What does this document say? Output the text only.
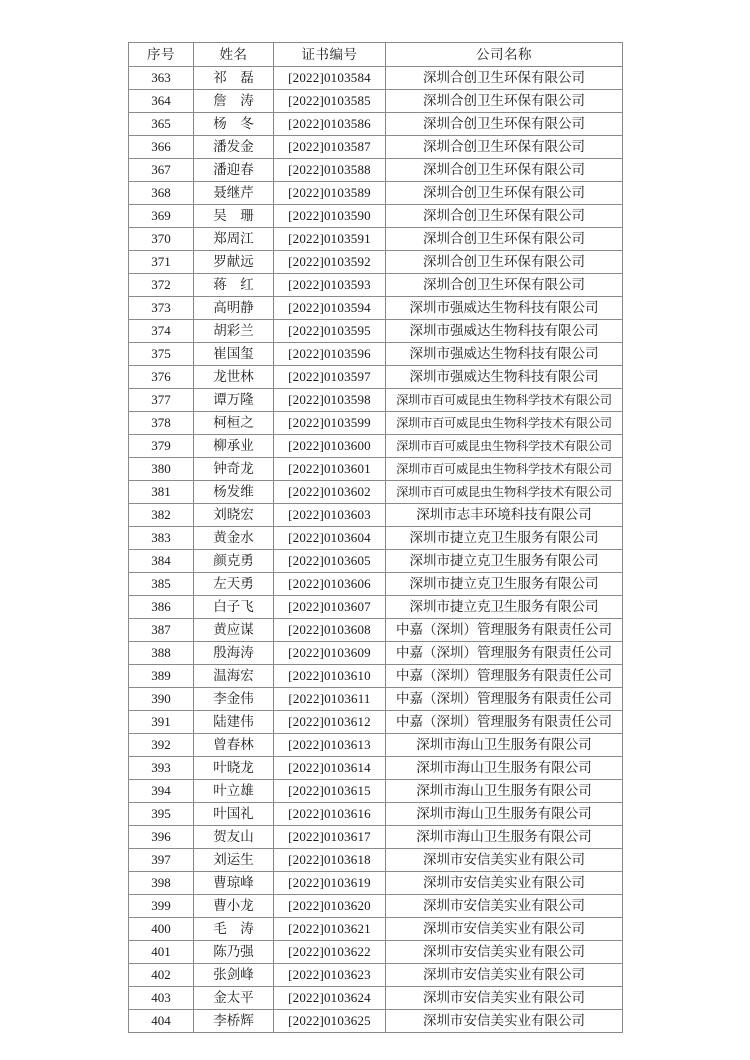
序号	姓名	证书编号	公司名称
363	祁　磊	[2022]0103584	深圳合创卫生环保有限公司
364	詹　涛	[2022]0103585	深圳合创卫生环保有限公司
365	杨　冬	[2022]0103586	深圳合创卫生环保有限公司
366	潘发金	[2022]0103587	深圳合创卫生环保有限公司
367	潘迎春	[2022]0103588	深圳合创卫生环保有限公司
368	聂继芹	[2022]0103589	深圳合创卫生环保有限公司
369	吴　珊	[2022]0103590	深圳合创卫生环保有限公司
370	郑周江	[2022]0103591	深圳合创卫生环保有限公司
371	罗献远	[2022]0103592	深圳合创卫生环保有限公司
372	蒋　红	[2022]0103593	深圳合创卫生环保有限公司
373	高明静	[2022]0103594	深圳市强威达生物科技有限公司
374	胡彩兰	[2022]0103595	深圳市强威达生物科技有限公司
375	崔国玺	[2022]0103596	深圳市强威达生物科技有限公司
376	龙世林	[2022]0103597	深圳市强威达生物科技有限公司
377	谭万隆	[2022]0103598	深圳市百可威昆虫生物科学技术有限公司
378	柯桓之	[2022]0103599	深圳市百可威昆虫生物科学技术有限公司
379	柳承业	[2022]0103600	深圳市百可威昆虫生物科学技术有限公司
380	钟奇龙	[2022]0103601	深圳市百可威昆虫生物科学技术有限公司
381	杨发维	[2022]0103602	深圳市百可威昆虫生物科学技术有限公司
382	刘晓宏	[2022]0103603	深圳市志丰环境科技有限公司
383	黄金水	[2022]0103604	深圳市捷立克卫生服务有限公司
384	颜克勇	[2022]0103605	深圳市捷立克卫生服务有限公司
385	左天勇	[2022]0103606	深圳市捷立克卫生服务有限公司
386	白子飞	[2022]0103607	深圳市捷立克卫生服务有限公司
387	黄应谋	[2022]0103608	中嘉（深圳）管理服务有限责任公司
388	殷海涛	[2022]0103609	中嘉（深圳）管理服务有限责任公司
389	温海宏	[2022]0103610	中嘉（深圳）管理服务有限责任公司
390	李金伟	[2022]0103611	中嘉（深圳）管理服务有限责任公司
391	陆建伟	[2022]0103612	中嘉（深圳）管理服务有限责任公司
392	曾春林	[2022]0103613	深圳市海山卫生服务有限公司
393	叶晓龙	[2022]0103614	深圳市海山卫生服务有限公司
394	叶立雄	[2022]0103615	深圳市海山卫生服务有限公司
395	叶国礼	[2022]0103616	深圳市海山卫生服务有限公司
396	贺友山	[2022]0103617	深圳市海山卫生服务有限公司
397	刘运生	[2022]0103618	深圳市安信美实业有限公司
398	曹琼峰	[2022]0103619	深圳市安信美实业有限公司
399	曹小龙	[2022]0103620	深圳市安信美实业有限公司
400	毛　涛	[2022]0103621	深圳市安信美实业有限公司
401	陈乃强	[2022]0103622	深圳市安信美实业有限公司
402	张剑峰	[2022]0103623	深圳市安信美实业有限公司
403	金太平	[2022]0103624	深圳市安信美实业有限公司
404	李桥辉	[2022]0103625	深圳市安信美实业有限公司
